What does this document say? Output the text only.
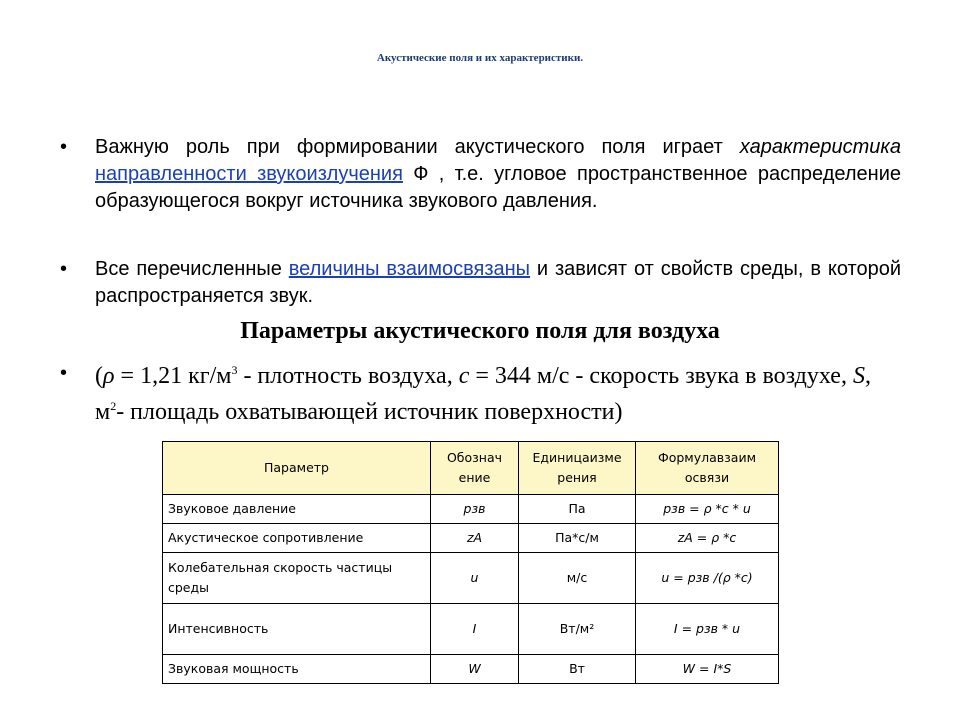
Акустические поля и их характеристики.
• Важную роль при формировании акустического поля играет характеристика направленности звукоизлучения Ф , т.е. угловое пространственное распределение образующегося вокруг источника звукового давления.
• Все перечисленные величины взаимосвязаны и зависят от свойств среды, в которой распространяется звук.
Параметры акустического поля для воздуха
• (ρ = 1,21 $кг/м^3$ - плотность воздуха, с = 344 м/с - скорость звука в воздухе, S, $м^2-$ площадь охватывающей источник поверхности)
Параметр	Обознач ение	Единицаизме рения	Формулавзаим освязи
Звуковое давление	pзв	Па	pзв = ρ *с * u
Акустическое сопротивление	zA	Па*с/м	zA = ρ *с
Колебательная скорость частицы среды	u	м/с	u = pзв /(ρ *с)
Интенсивность	I	Вт/м²	I = pзв * u
Звуковая мощность	W	Вт	W = I*S
